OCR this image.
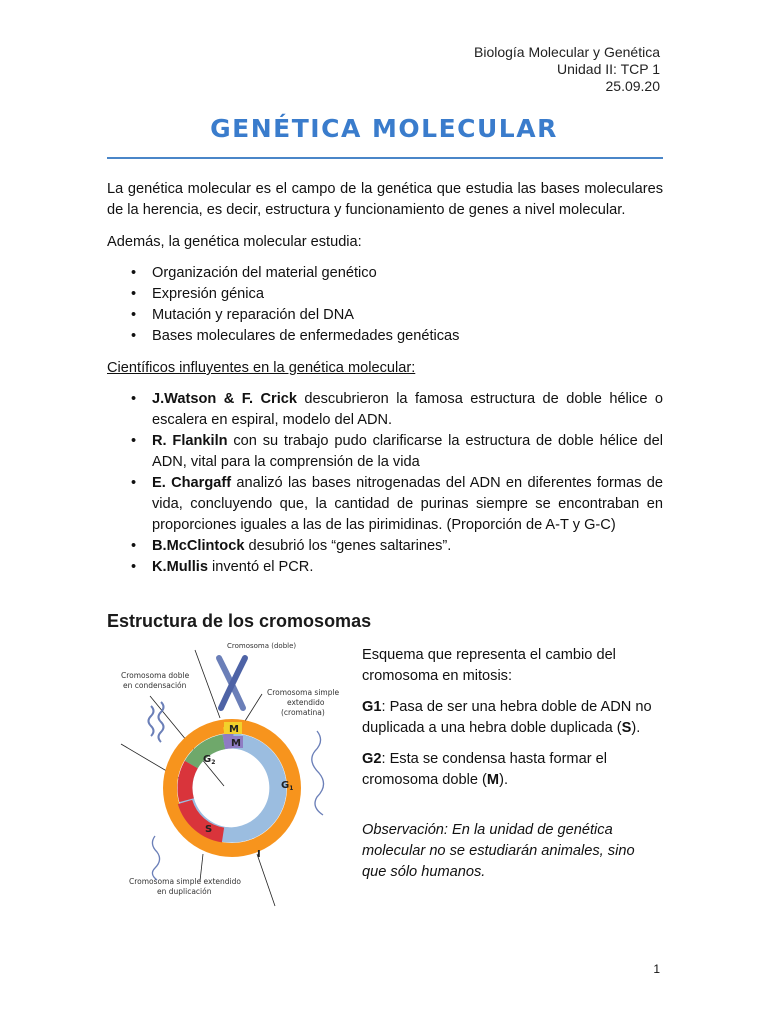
Biología Molecular y Genética
Unidad II: TCP 1
25.09.20
GENÉTICA MOLECULAR

La genética molecular es el campo de la genética que estudia las bases moleculares de la herencia, es decir, estructura y funcionamiento de genes a nivel molecular.

Además, la genética molecular estudia:

• Organización del material genético
• Expresión génica
• Mutación y reparación del DNA
• Bases moleculares de enfermedades genéticas

Científicos influyentes en la genética molecular:

• J.Watson & F. Crick descubrieron la famosa estructura de doble hélice o escalera en espiral, modelo del ADN.
• R. Flankiln con su trabajo pudo clarificarse la estructura de doble hélice del ADN, vital para la comprensión de la vida
• E. Chargaff analizó las bases nitrogenadas del ADN en diferentes formas de vida, concluyendo que, la cantidad de purinas siempre se encontraban en proporciones iguales a las de las pirimidinas. (Proporción de A-T y G-C)
• B.McClintock desubrió los “genes saltarines”.
• K.Mullis inventó el PCR.
Estructura de los cromosomas
Cromosoma (doble)
Cromosoma doble
en condensación
Cromosoma simple
extendido
(cromatina)
Cromosoma simple extendido
en duplicación
M
M
$G_2$
$G_1$
S
I

Esquema que representa el cambio del cromosoma en mitosis:

G1: Pasa de ser una hebra doble de ADN no duplicada a una hebra doble duplicada (S).

G2: Esta se condensa hasta formar el cromosoma doble (M).

Observación: En la unidad de genética molecular no se estudiarán animales, sino que sólo humanos.

1
